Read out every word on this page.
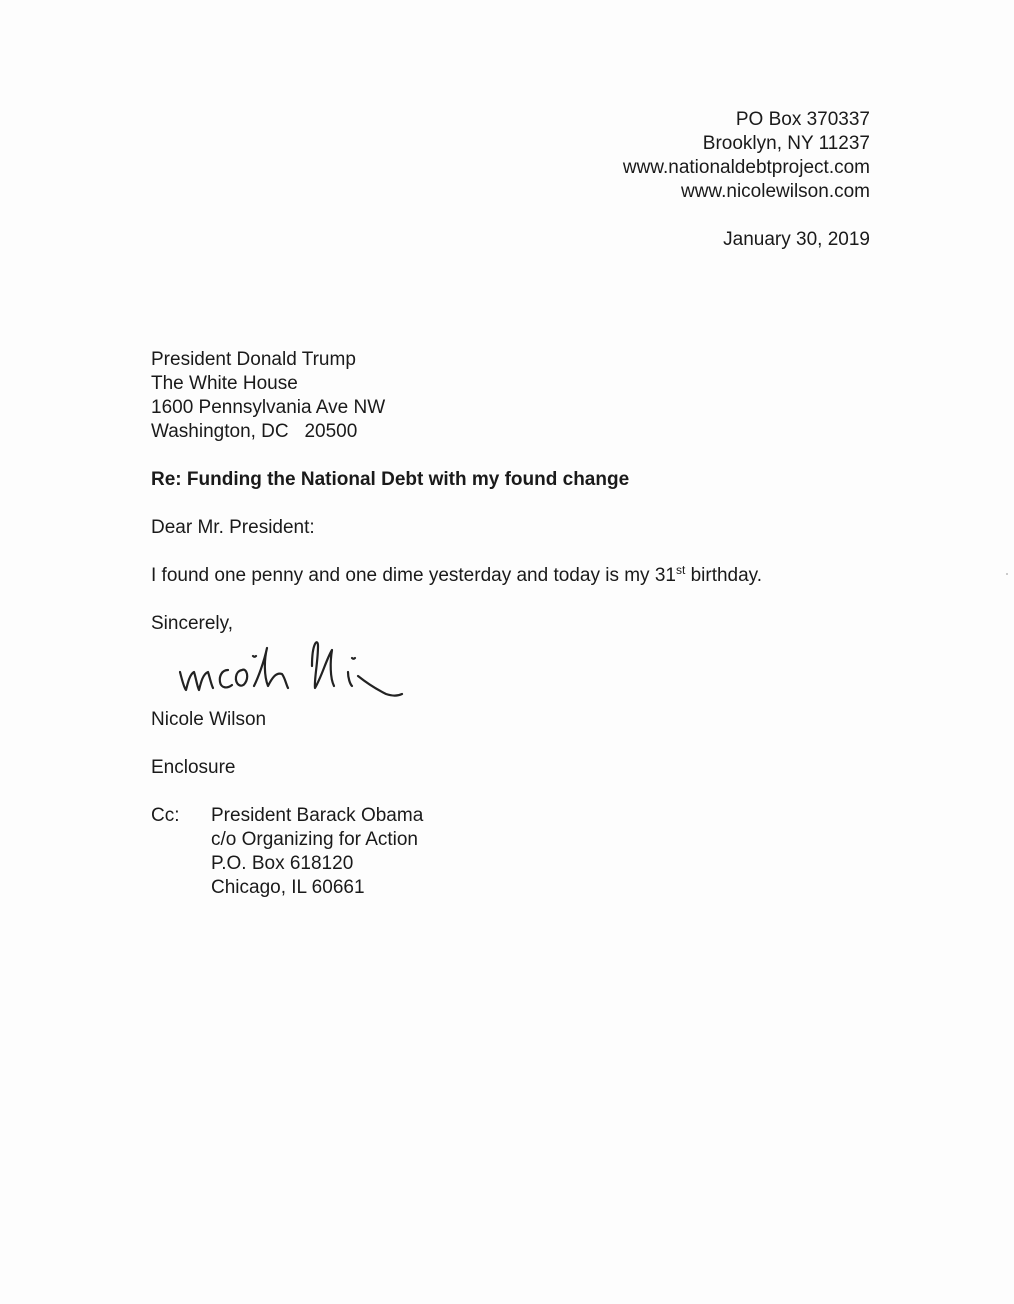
PO Box 370337
Brooklyn, NY 11237
www.nationaldebtproject.com
www.nicolewilson.com
January 30, 2019
President Donald Trump
The White House
1600 Pennsylvania Ave NW
Washington, DC   20500
Re: Funding the National Debt with my found change
Dear Mr. President:
I found one penny and one dime yesterday and today is my 31st birthday.
Sincerely,
Nicole Wilson
Enclosure
Cc: President Barack Obama
c/o Organizing for Action
P.O. Box 618120
Chicago, IL 60661
